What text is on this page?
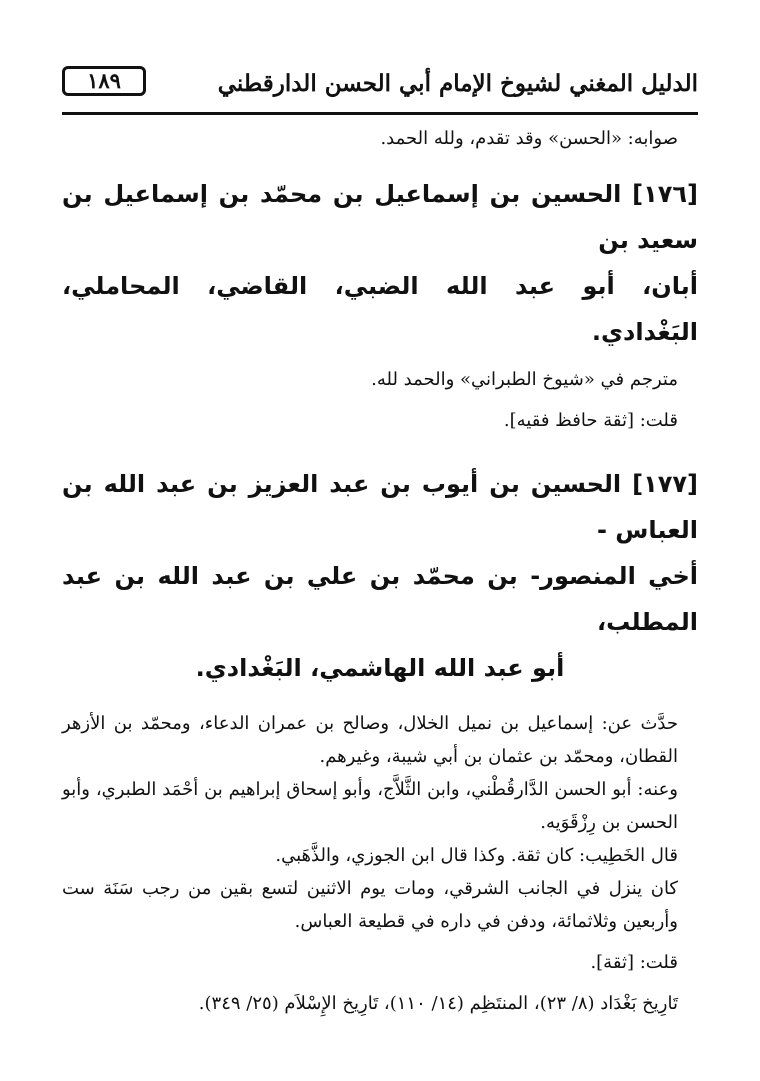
الدليل المغني لشيوخ الإمام أبي الحسن الدارقطني
١٨٩

صوابه: «الحسن» وقد تقدم، ولله الحمد.

[١٧٦] الحسين بن إسماعيل بن محمّد بن إسماعيل بن سعيد بن

أبان، أبو عبد الله الضبي، القاضي، المحاملي، البَغْدادي.

مترجم في «شيوخ الطبراني» والحمد لله.

قلت: [ثقة حافظ فقيه].

[١٧٧] الحسين بن أيوب بن عبد العزيز بن عبد الله بن العباس -

أخي المنصور- بن محمّد بن علي بن عبد الله بن عبد المطلب،

أبو عبد الله الهاشمي، البَغْدادي.

حدَّث عن: إسماعيل بن نميل الخلال، وصالح بن عمران الدعاء، ومحمّد بن الأزهر القطان، ومحمّد بن عثمان بن أبي شيبة، وغيرهم.

وعنه: أبو الحسن الدَّارقُطْني، وابن الثَّلاَّج، وأبو إسحاق إبراهيم بن أحْمَد الطبري، وأبو الحسن بن رِزْقَوَيه.

قال الخَطِيب: كان ثقة. وكذا قال ابن الجوزي، والذَّهَبي.

كان ينزل في الجانب الشرقي، ومات يوم الاثنين لتسع بقين من رجب سَنَة ست وأربعين وثلاثمائة، ودفن في داره في قطيعة العباس.

قلت: [ثقة].

تَارِيخ بَغْدَاد (٨/ ٢٣)، المنتَظِم (١٤/ ١١٠)، تَارِيخ الإِسْلاَم (٢٥/ ٣٤٩).
